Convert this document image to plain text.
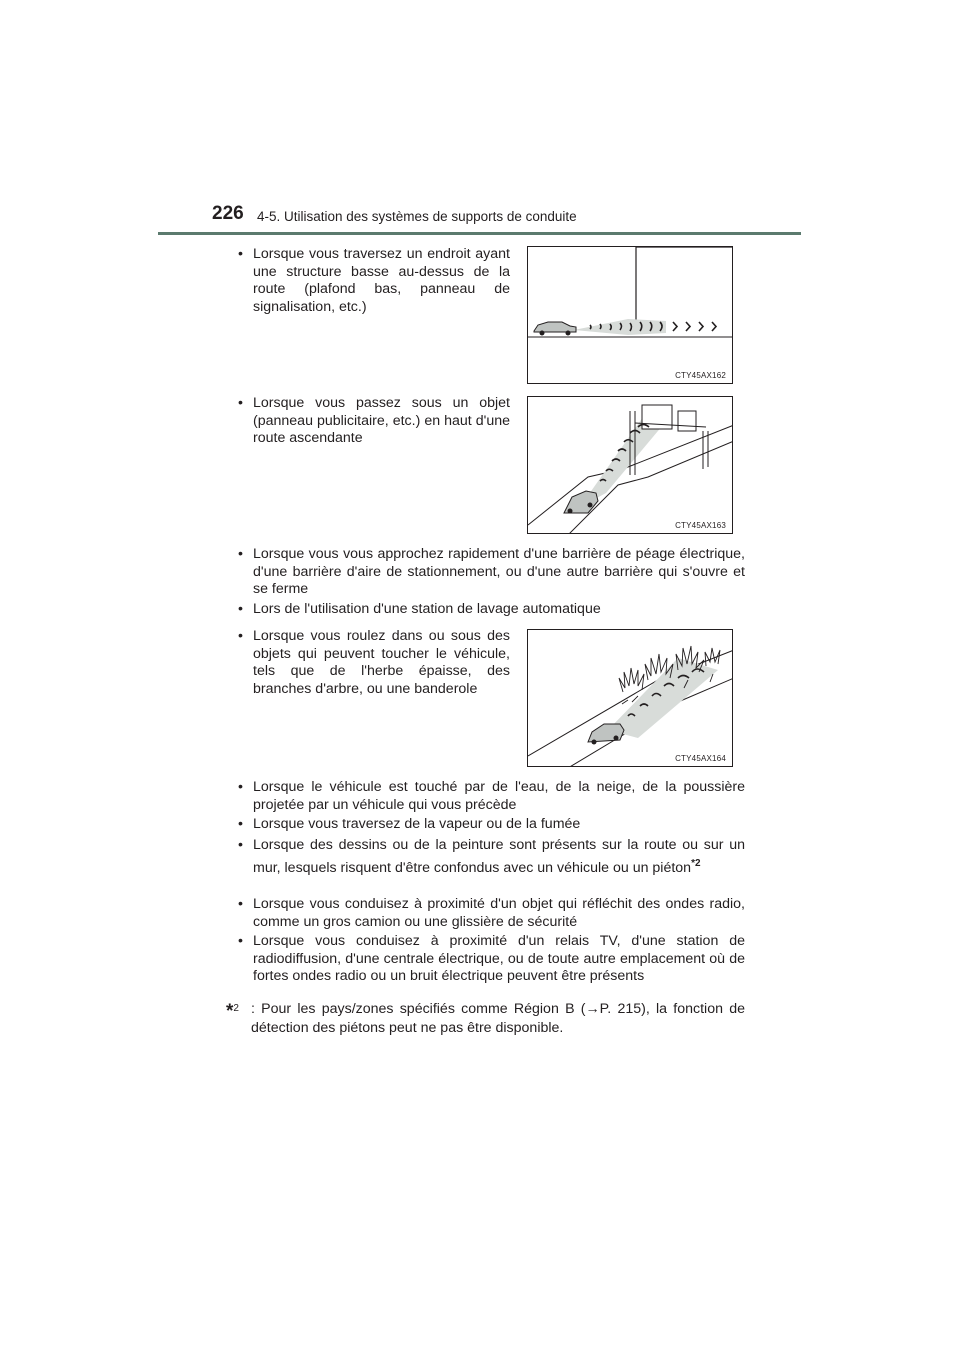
226 4-5. Utilisation des systèmes de supports de conduite
• Lorsque vous traversez un endroit ayant une structure basse au-dessus de la route (plafond bas, panneau de signalisation, etc.)
CTY45AX162
• Lorsque vous passez sous un objet (panneau publicitaire, etc.) en haut d'une route ascendante
CTY45AX163
• Lorsque vous vous approchez rapidement d'une barrière de péage électrique, d'une barrière d'aire de stationnement, ou d'une autre barrière qui s'ouvre et se ferme
• Lors de l'utilisation d'une station de lavage automatique
• Lorsque vous roulez dans ou sous des objets qui peuvent toucher le véhicule, tels que de l'herbe épaisse, des branches d'arbre, ou une banderole
CTY45AX164
• Lorsque le véhicule est touché par de l'eau, de la neige, de la poussière projetée par un véhicule qui vous précède
• Lorsque vous traversez de la vapeur ou de la fumée
• Lorsque des dessins ou de la peinture sont présents sur la route ou sur un mur, lesquels risquent d'être confondus avec un véhicule ou un piéton$^{*2}$
• Lorsque vous conduisez à proximité d'un objet qui réfléchit des ondes radio, comme un gros camion ou une glissière de sécurité
• Lorsque vous conduisez à proximité d'un relais TV, d'une station de radiodiffusion, d'une centrale électrique, ou de toute autre emplacement où de fortes ondes radio ou un bruit électrique peuvent être présents
*$^2$ : Pour les pays/zones spécifiés comme Région B (→P. 215), la fonction de détection des piétons peut ne pas être disponible.
